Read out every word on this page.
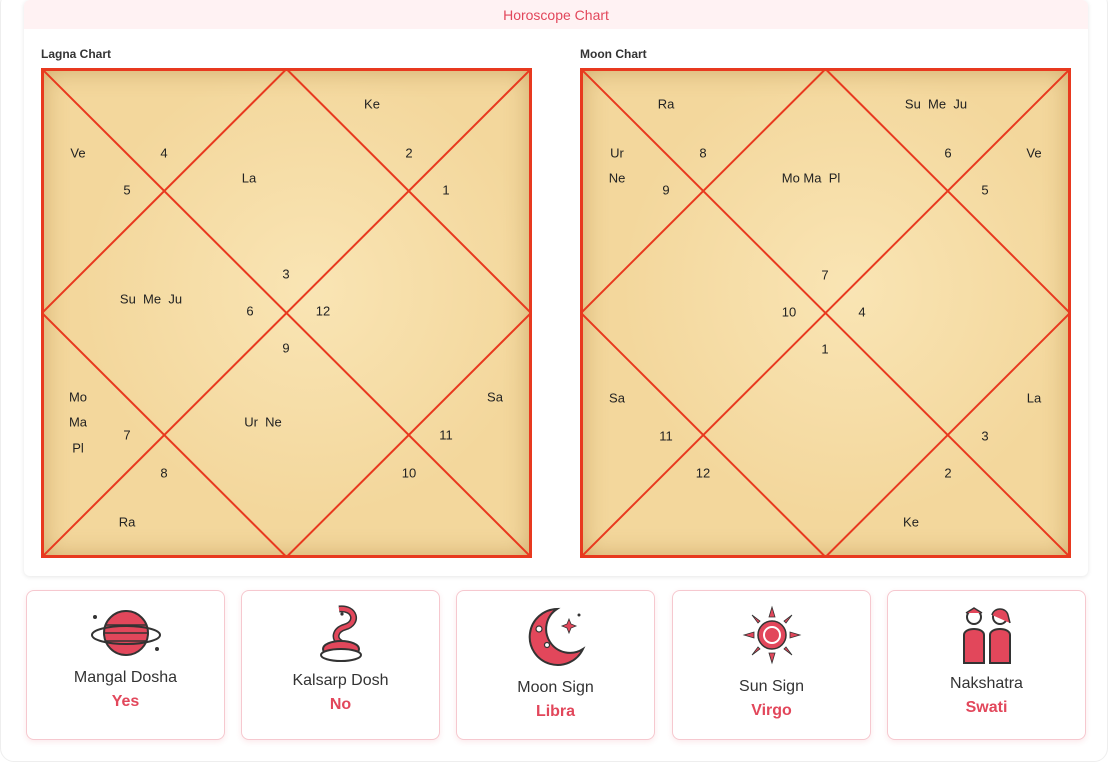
Horoscope Chart
Lagna Chart
Ke
2
Ve	4
La
1
5
3
Su  Me  Ju
6	12
9
Mo
Ma
Pl
7
Ur  Ne
Sa
11
8	10
Ra
Moon Chart
Ra	Su  Me  Ju
Ur	8	6	Ve
Ne	Mo Ma  Pl
9	5
7
10	4
1
Sa	La
11	3
12	2
Ke
Mangal Dosha
Yes
Kalsarp Dosh
No
Moon Sign
Libra
Sun Sign
Virgo
Nakshatra
Swati
